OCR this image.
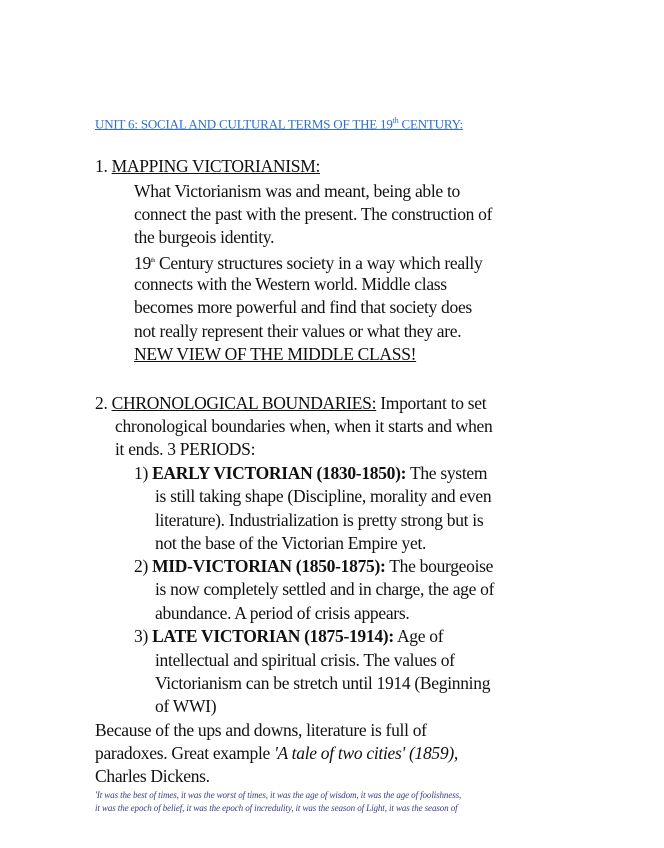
UNIT 6: SOCIAL AND CULTURAL TERMS OF THE 19th CENTURY:
1. MAPPING VICTORIANISM:
What Victorianism was and meant, being able to
connect the past with the present. The construction of
the burgeois identity.
19th Century structures society in a way which really
connects with the Western world. Middle class
becomes more powerful and find that society does
not really represent their values or what they are.
NEW VIEW OF THE MIDDLE CLASS!
2. CHRONOLOGICAL BOUNDARIES: Important to set
chronological boundaries when, when it starts and when
it ends. 3 PERIODS:
1) EARLY VICTORIAN (1830-1850): The system
is still taking shape (Discipline, morality and even
literature). Industrialization is pretty strong but is
not the base of the Victorian Empire yet.
2) MID-VICTORIAN (1850-1875): The bourgeoise
is now completely settled and in charge, the age of
abundance. A period of crisis appears.
3) LATE VICTORIAN (1875-1914): Age of
intellectual and spiritual crisis. The values of
Victorianism can be stretch until 1914 (Beginning
of WWI)
Because of the ups and downs, literature is full of
paradoxes. Great example 'A tale of two cities' (1859),
Charles Dickens.
'It was the best of times, it was the worst of times, it was the age of wisdom, it was the age of foolishness,
it was the epoch of belief, it was the epoch of incredulity, it was the season of Light, it was the season of
